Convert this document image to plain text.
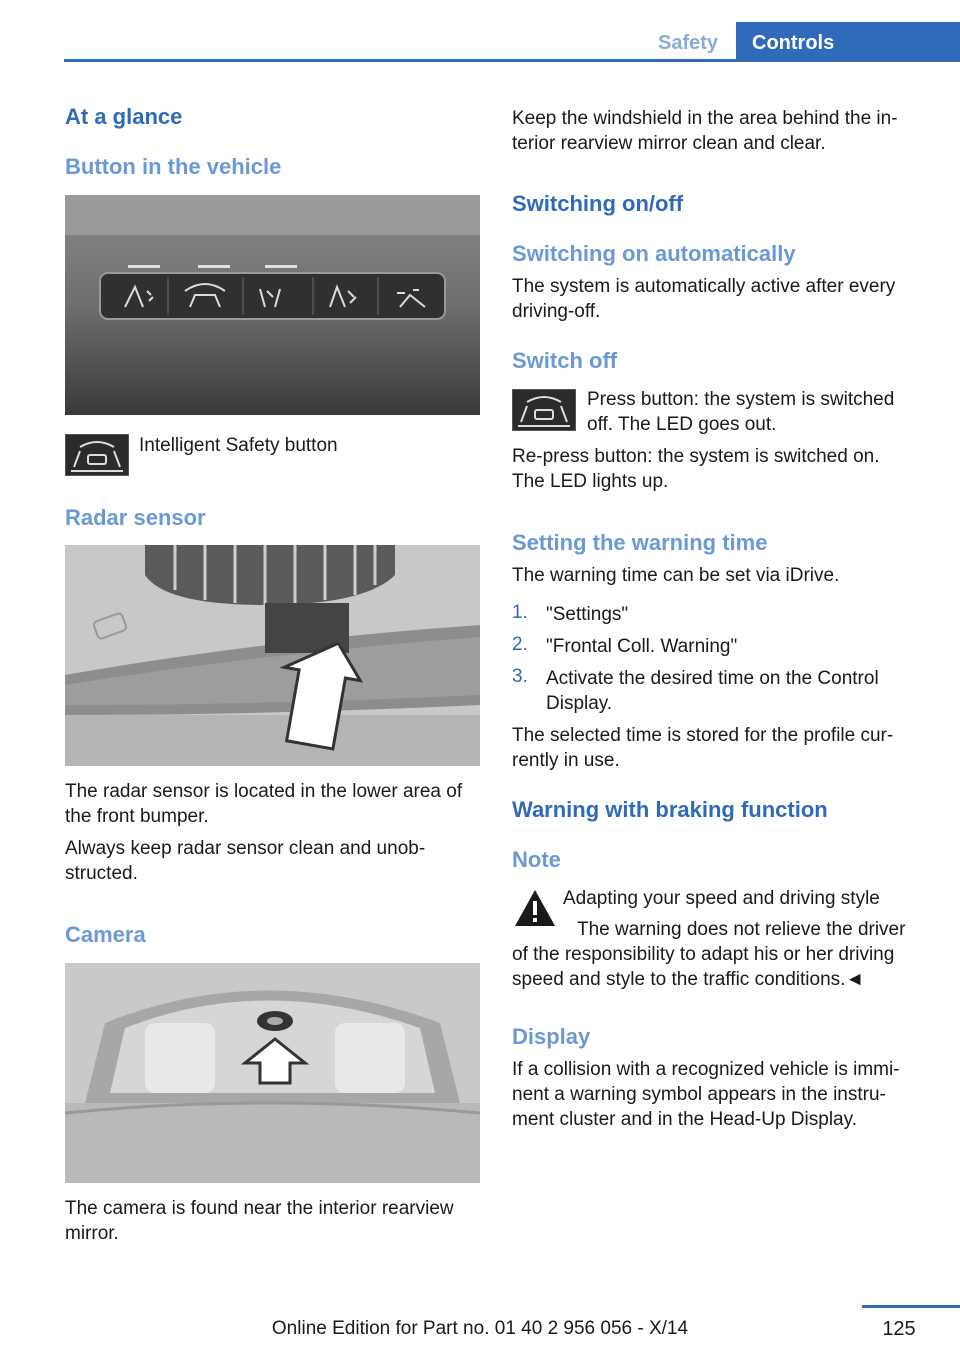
Safety	Controls
At a glance
Button in the vehicle
Intelligent Safety button
Radar sensor
The radar sensor is located in the lower area of
the front bumper.
Always keep radar sensor clean and unob-
structed.
Camera
The camera is found near the interior rearview
mirror.
Keep the windshield in the area behind the in-
terior rearview mirror clean and clear.
Switching on/off
Switching on automatically
The system is automatically active after every
driving-off.
Switch off
Press button: the system is switched
off. The LED goes out.
Re-press button: the system is switched on.
The LED lights up.
Setting the warning time
The warning time can be set via iDrive.
1. "Settings"
2. "Frontal Coll. Warning"
3. Activate the desired time on the Control
Display.
The selected time is stored for the profile cur-
rently in use.
Warning with braking function
Note
Adapting your speed and driving style
The warning does not relieve the driver
of the responsibility to adapt his or her driving
speed and style to the traffic conditions.◄
Display
If a collision with a recognized vehicle is immi-
nent a warning symbol appears in the instru-
ment cluster and in the Head-Up Display.
125
Online Edition for Part no. 01 40 2 956 056 - X/14
